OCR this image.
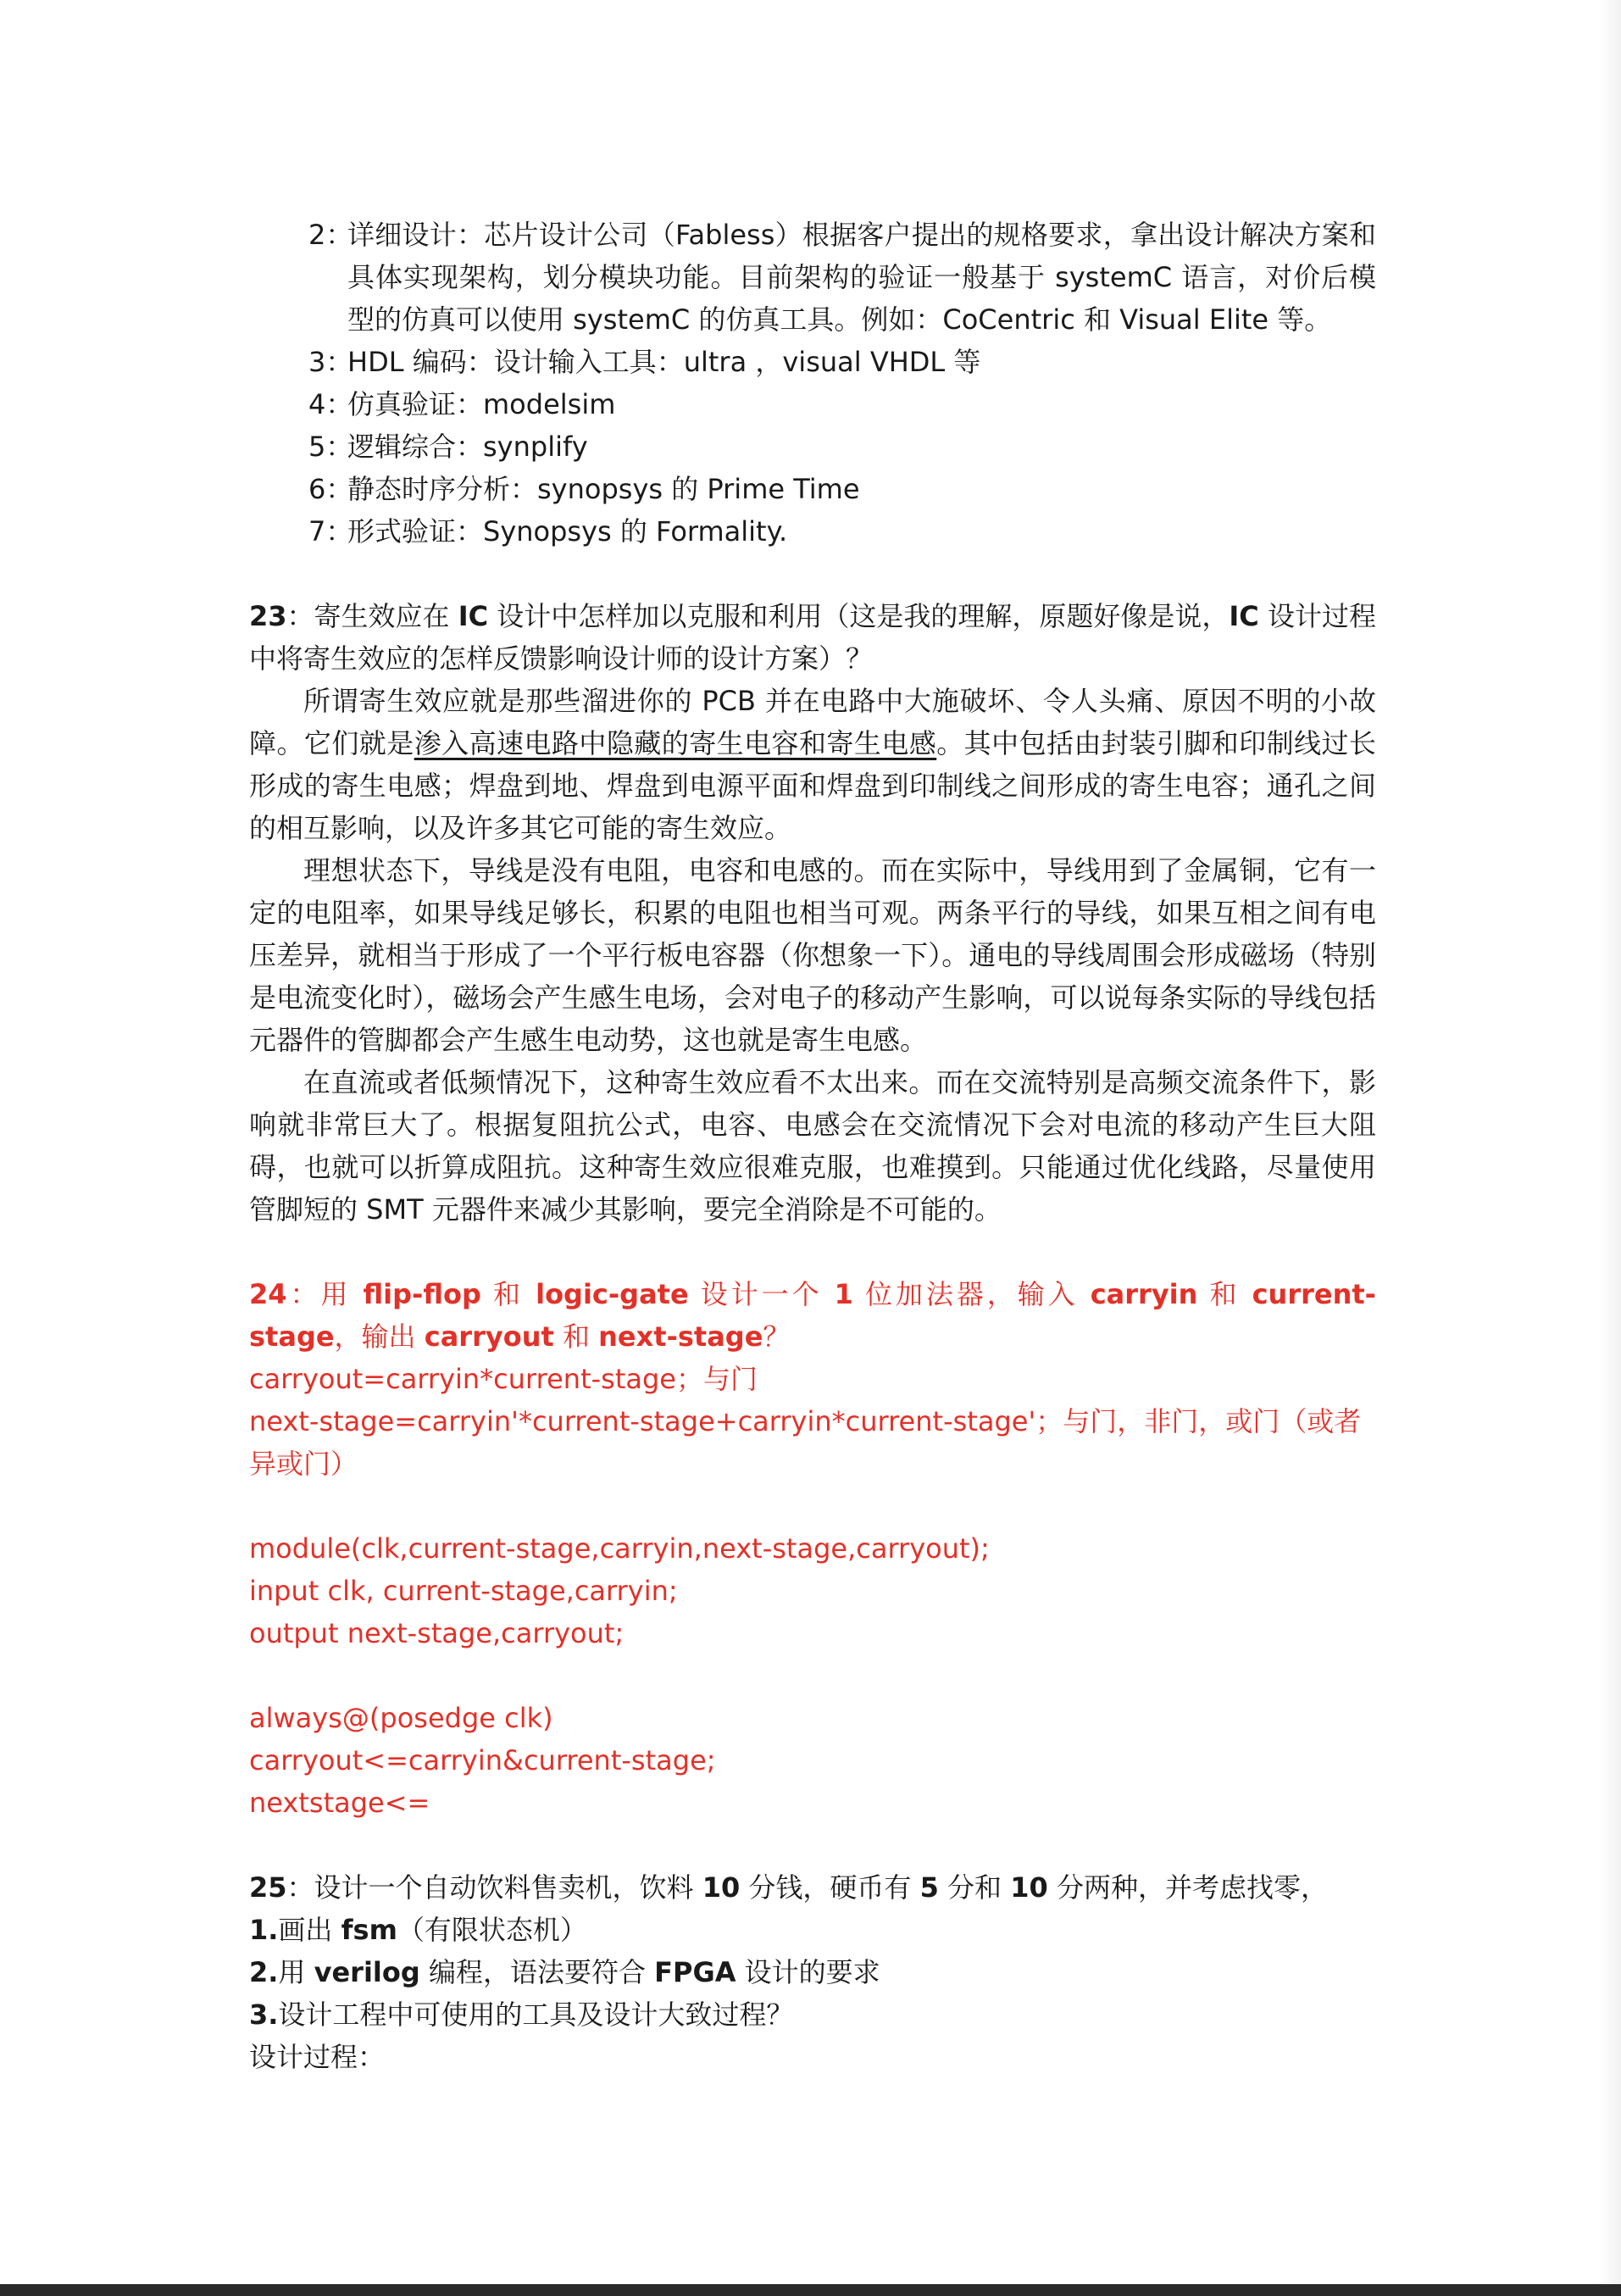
2：
详细设计：芯片设计公司（Fabless）根据客户提出的规格要求，拿出设计解决方案和具体实现架构，划分模块功能。目前架构的验证一般基于 systemC 语言，对价后模型的仿真可以使用 systemC 的仿真工具。例如：CoCentric 和 Visual Elite 等。
3：
HDL 编码：设计输入工具：ultra ，visual VHDL 等
4：
仿真验证：modelsim
5：
逻辑综合：synplify
6：
静态时序分析：synopsys 的 Prime Time
7：
形式验证：Synopsys 的 Formality.

23：寄生效应在 IC 设计中怎样加以克服和利用（这是我的理解，原题好像是说，IC 设计过程中将寄生效应的怎样反馈影响设计师的设计方案）？

所谓寄生效应就是那些溜进你的 PCB 并在电路中大施破坏、令人头痛、原因不明的小故障。它们就是渗入高速电路中隐藏的寄生电容和寄生电感。其中包括由封装引脚和印制线过长形成的寄生电感；焊盘到地、焊盘到电源平面和焊盘到印制线之间形成的寄生电容；通孔之间的相互影响，以及许多其它可能的寄生效应。

理想状态下，导线是没有电阻，电容和电感的。而在实际中，导线用到了金属铜，它有一定的电阻率，如果导线足够长，积累的电阻也相当可观。两条平行的导线，如果互相之间有电压差异，就相当于形成了一个平行板电容器（你想象一下）。通电的导线周围会形成磁场（特别是电流变化时），磁场会产生感生电场，会对电子的移动产生影响，可以说每条实际的导线包括元器件的管脚都会产生感生电动势，这也就是寄生电感。

在直流或者低频情况下，这种寄生效应看不太出来。而在交流特别是高频交流条件下，影响就非常巨大了。根据复阻抗公式，电容、电感会在交流情况下会对电流的移动产生巨大阻碍，也就可以折算成阻抗。这种寄生效应很难克服，也难摸到。只能通过优化线路，尽量使用管脚短的 SMT 元器件来减少其影响，要完全消除是不可能的。

24：用 flip-flop 和 logic-gate 设计一个 1 位加法器，输入 carryin 和 current-stage，输出 carryout 和 next-stage？

carryout=carryin*current-stage；与门

next-stage=carryin'*current-stage+carryin*current-stage'；与门，非门，或门（或者异或门）

module(clk,current-stage,carryin,next-stage,carryout);

input clk, current-stage,carryin;

output next-stage,carryout;

always@(posedge clk)

carryout<=carryin&current-stage;

nextstage<=

25：设计一个自动饮料售卖机，饮料 10 分钱，硬币有 5 分和 10 分两种，并考虑找零，

1.画出 fsm（有限状态机）

2.用 verilog 编程，语法要符合 FPGA 设计的要求

3.设计工程中可使用的工具及设计大致过程？

设计过程：
